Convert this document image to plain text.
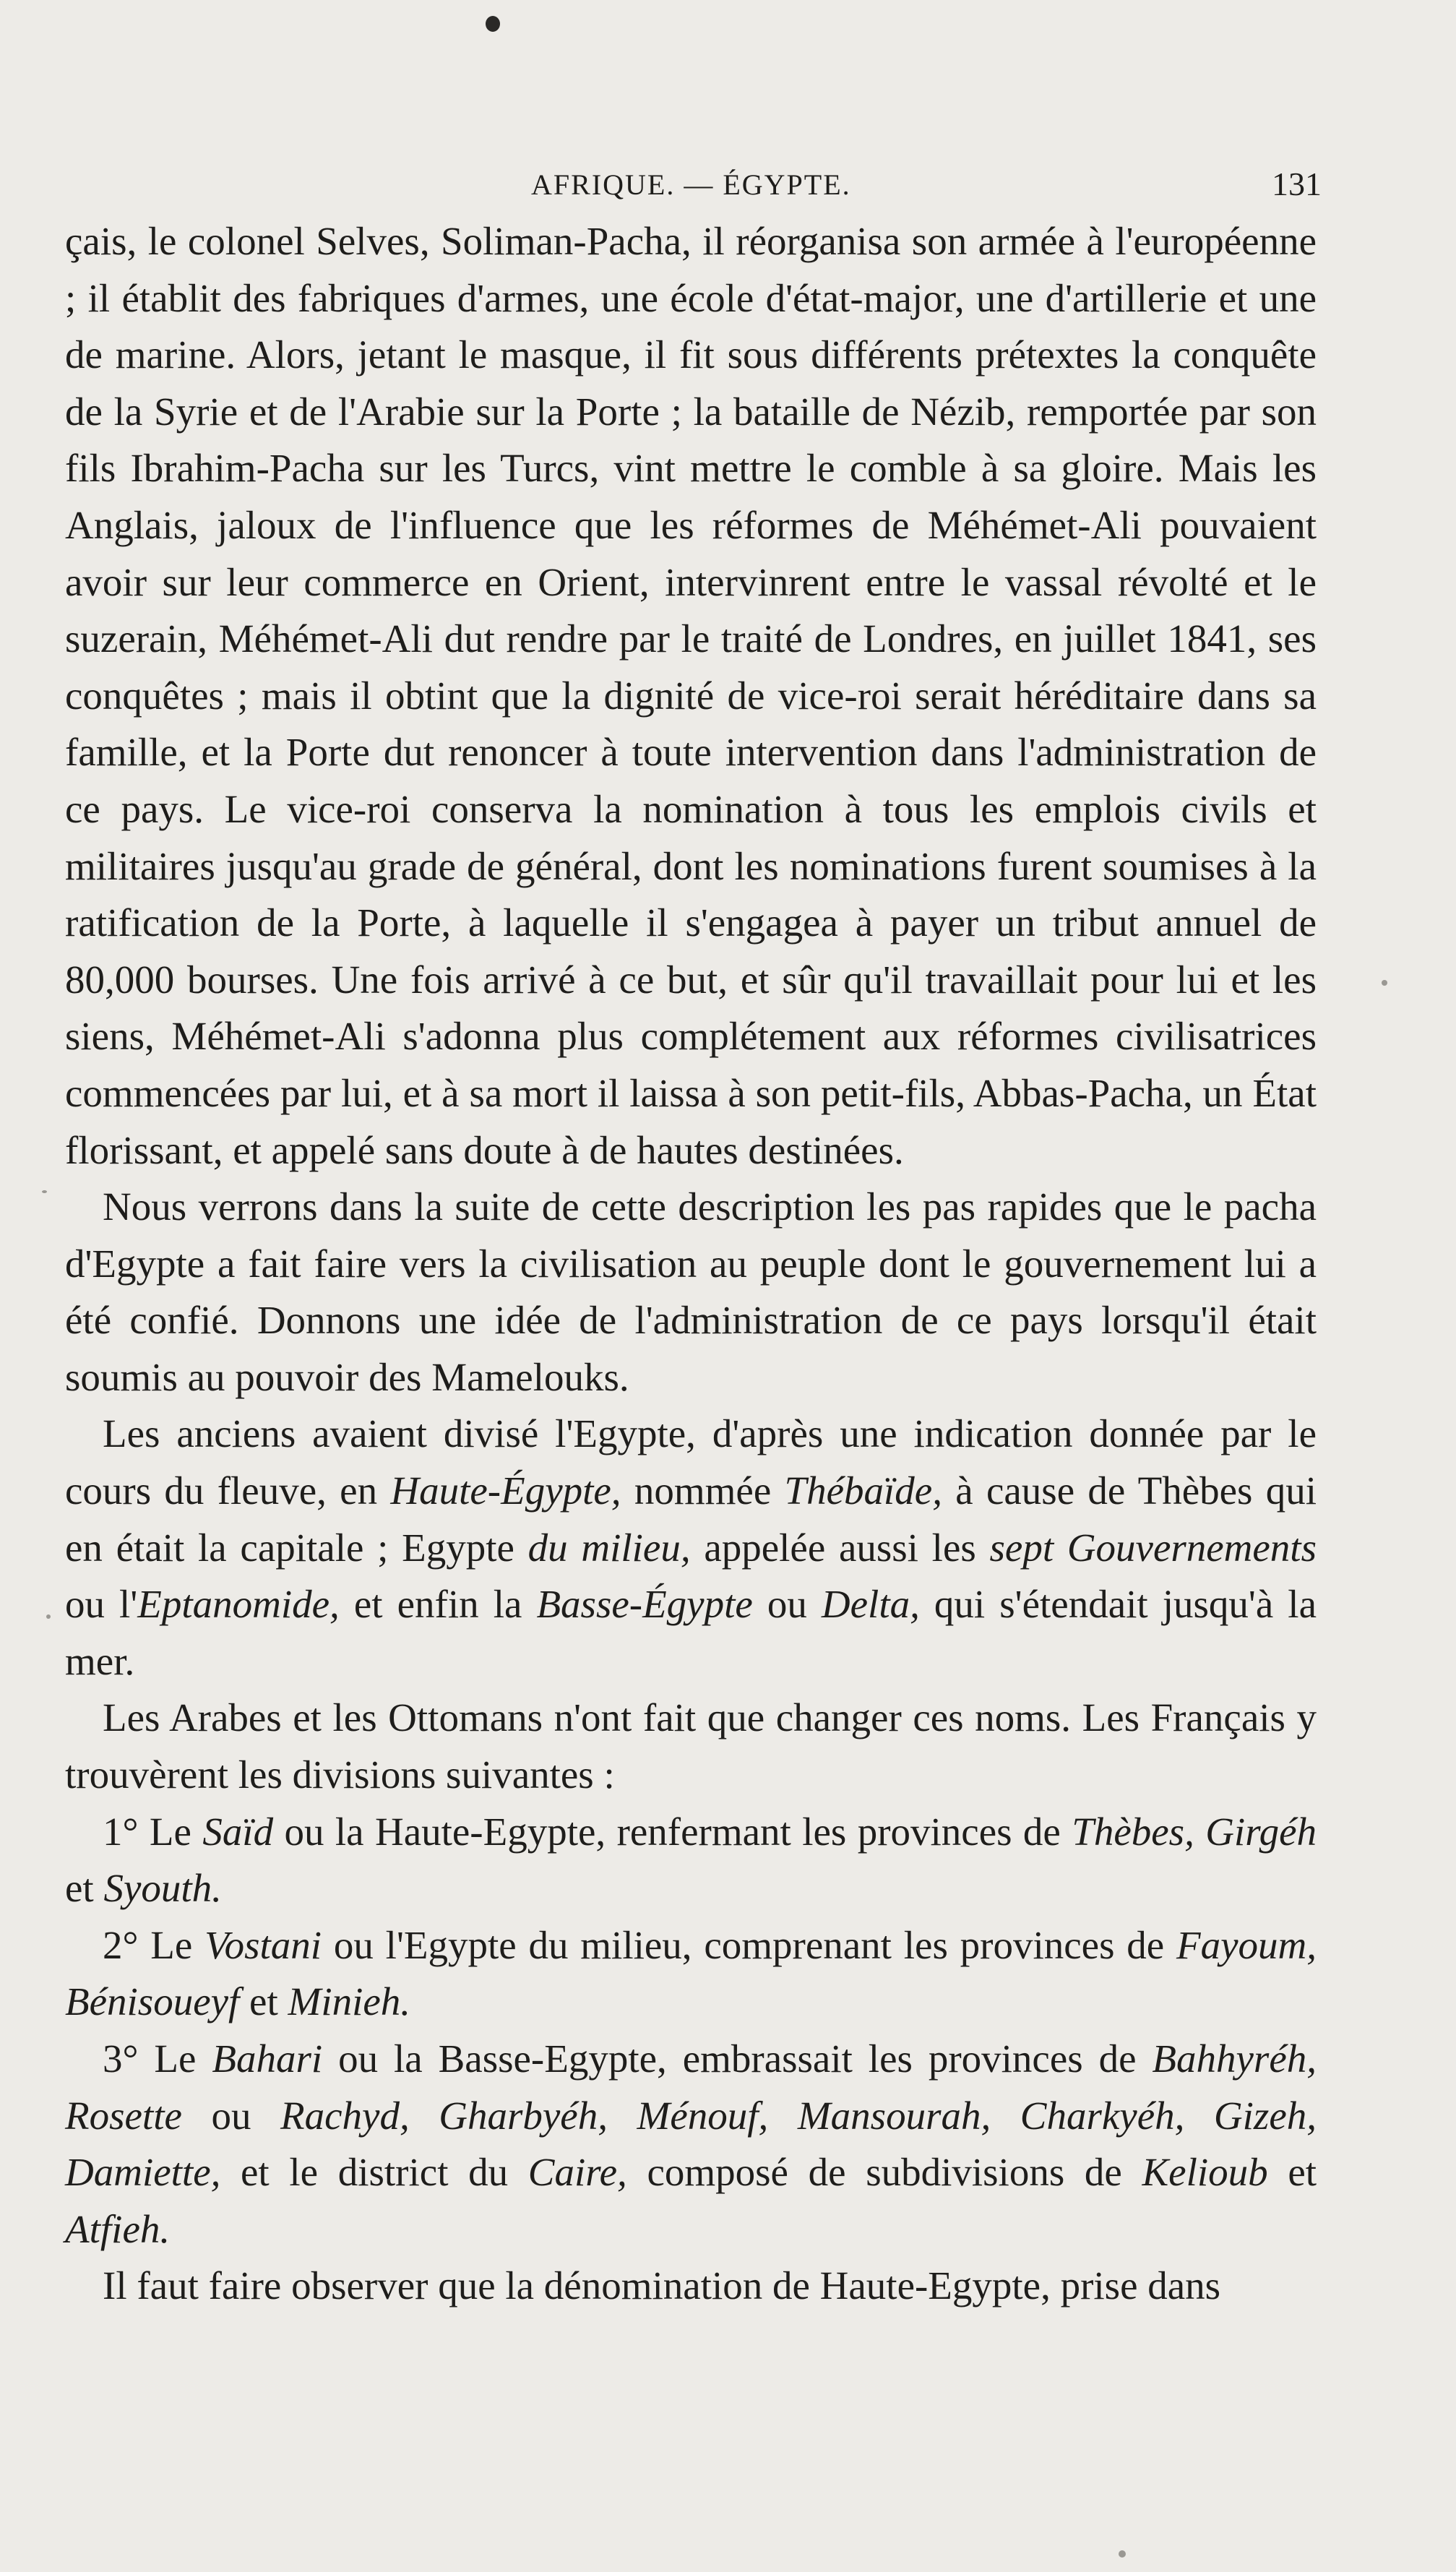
AFRIQUE. — ÉGYPTE.	131

çais, le colonel Selves, Soliman-Pacha, il réorganisa son armée à l'européenne ; il établit des fabriques d'armes, une école d'état-major, une d'artillerie et une de marine. Alors, jetant le masque, il fit sous différents prétextes la conquête de la Syrie et de l'Arabie sur la Porte ; la bataille de Nézib, remportée par son fils Ibrahim-Pacha sur les Turcs, vint mettre le comble à sa gloire. Mais les Anglais, jaloux de l'influence que les réformes de Méhémet-Ali pouvaient avoir sur leur commerce en Orient, intervinrent entre le vassal révolté et le suzerain, Méhémet-Ali dut rendre par le traité de Londres, en juillet 1841, ses conquêtes ; mais il obtint que la dignité de vice-roi serait héréditaire dans sa famille, et la Porte dut renoncer à toute intervention dans l'administration de ce pays. Le vice-roi conserva la nomination à tous les emplois civils et militaires jusqu'au grade de général, dont les nominations furent soumises à la ratification de la Porte, à laquelle il s'engagea à payer un tribut annuel de 80,000 bourses. Une fois arrivé à ce but, et sûr qu'il travaillait pour lui et les siens, Méhémet-Ali s'adonna plus complétement aux réformes civilisatrices commencées par lui, et à sa mort il laissa à son petit-fils, Abbas-Pacha, un État florissant, et appelé sans doute à de hautes destinées.

Nous verrons dans la suite de cette description les pas rapides que le pacha d'Egypte a fait faire vers la civilisation au peuple dont le gouvernement lui a été confié. Donnons une idée de l'administration de ce pays lorsqu'il était soumis au pouvoir des Mamelouks.

Les anciens avaient divisé l'Egypte, d'après une indication donnée par le cours du fleuve, en Haute-Égypte, nommée Thébaïde, à cause de Thèbes qui en était la capitale ; Egypte du milieu, appelée aussi les sept Gouvernements ou l'Eptanomide, et enfin la Basse-Égypte ou Delta, qui s'étendait jusqu'à la mer.

Les Arabes et les Ottomans n'ont fait que changer ces noms. Les Français y trouvèrent les divisions suivantes :

1° Le Saïd ou la Haute-Egypte, renfermant les provinces de Thèbes, Girgéh et Syouth.

2° Le Vostani ou l'Egypte du milieu, comprenant les provinces de Fayoum, Bénisoueyf et Minieh.

3° Le Bahari ou la Basse-Egypte, embrassait les provinces de Bahhyréh, Rosette ou Rachyd, Gharbyéh, Ménouf, Mansourah, Charkyéh, Gizeh, Damiette, et le district du Caire, composé de subdivisions de Kelioub et Atfieh.

Il faut faire observer que la dénomination de Haute-Egypte, prise dans
